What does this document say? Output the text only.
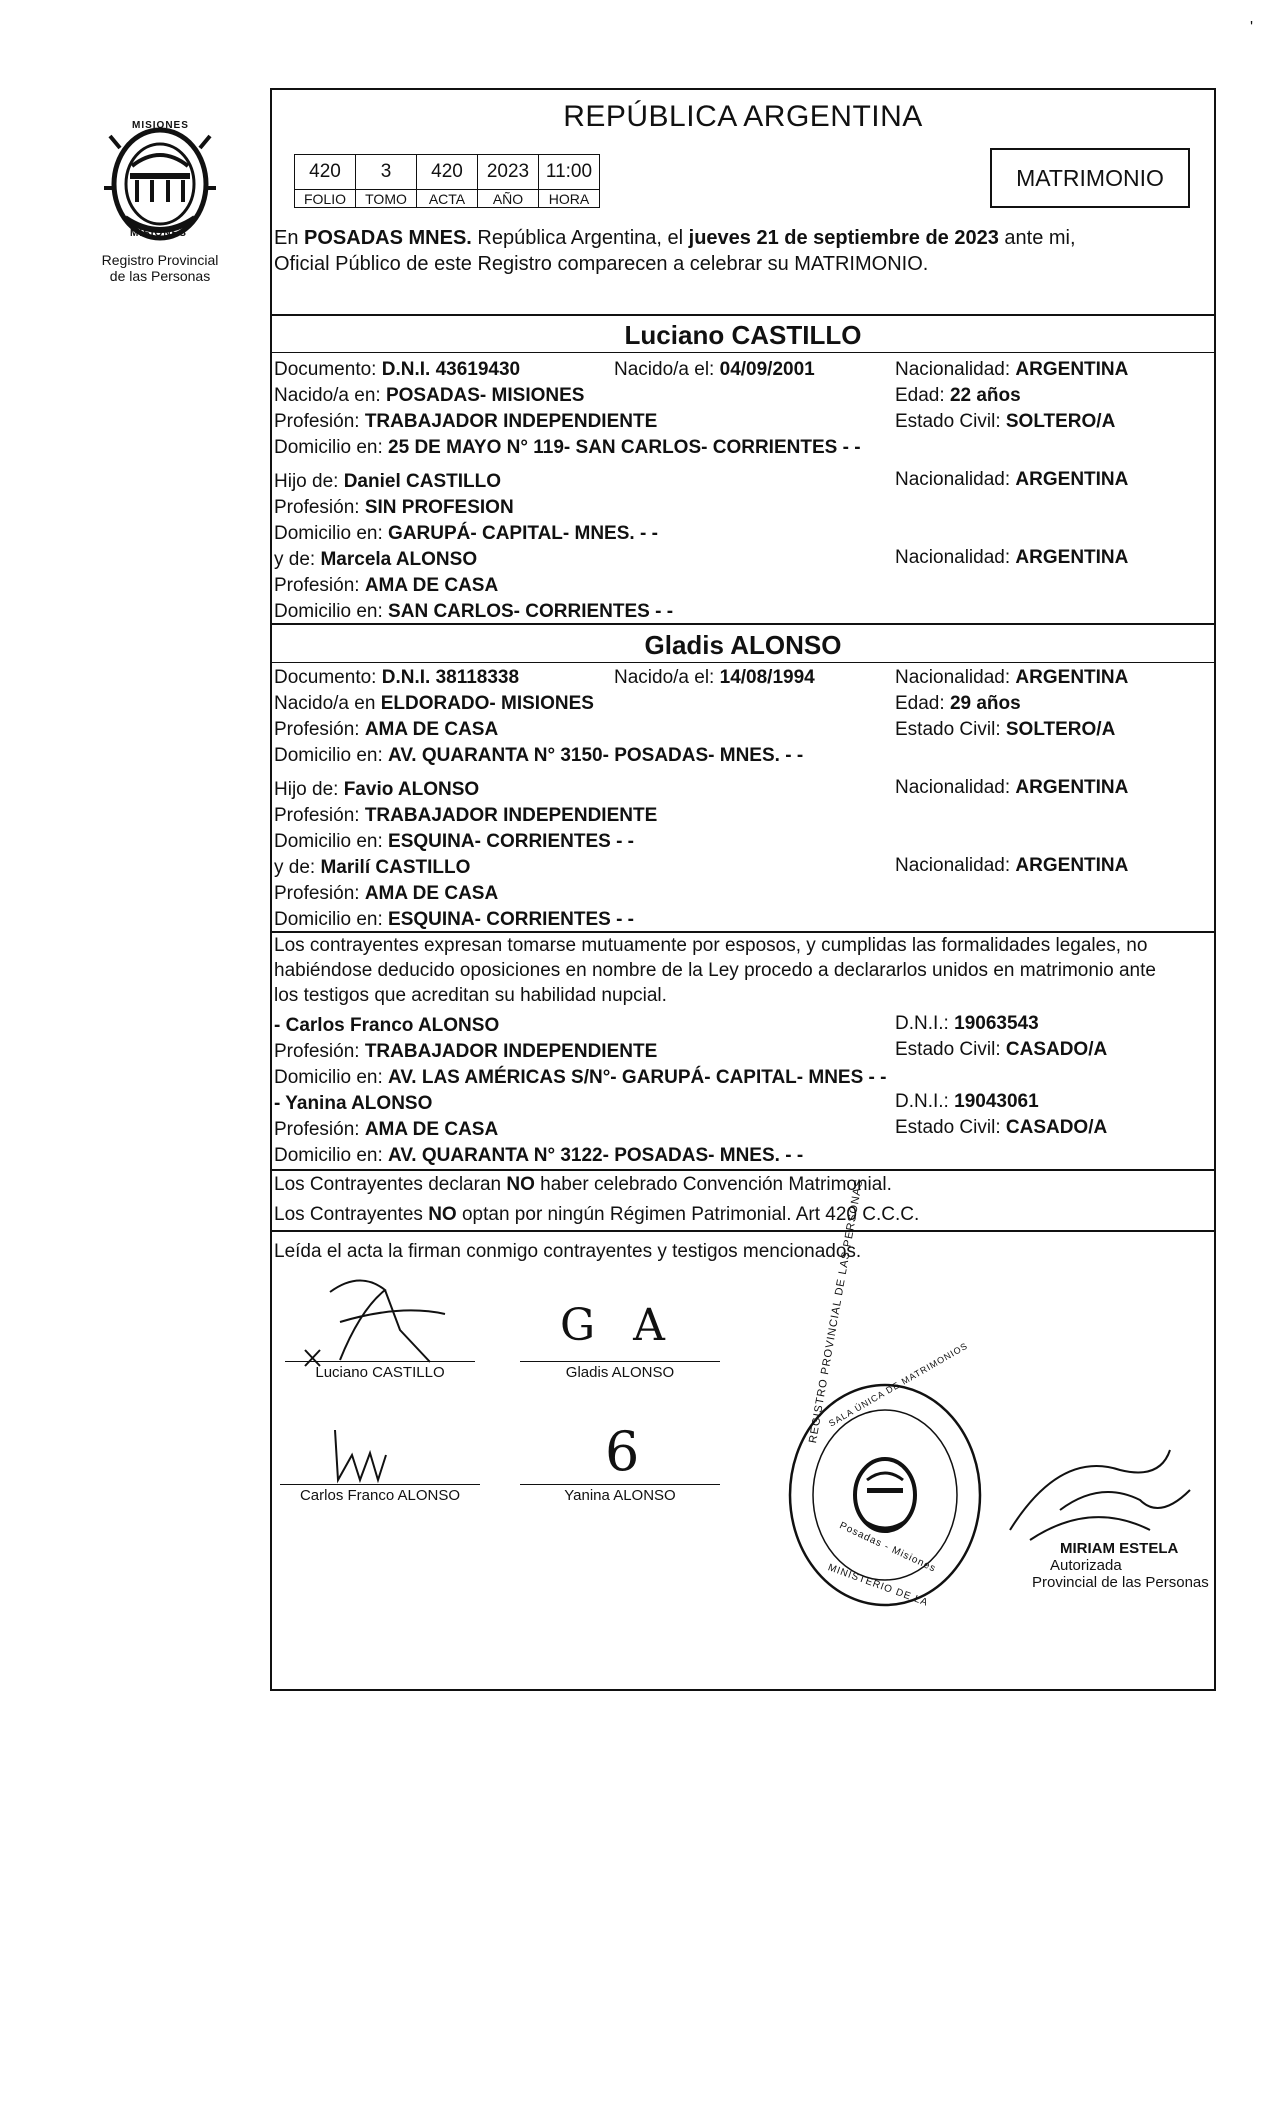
'
MISIONES
MISIONES
Registro Provincial
de las Personas
REPÚBLICA ARGENTINA
420	3	420	2023	11:00
FOLIO	TOMO	ACTA	AÑO	HORA
MATRIMONIO
En POSADAS MNES. República Argentina, el jueves 21 de septiembre de 2023 ante mi,
Oficial Público de este Registro comparecen a celebrar su MATRIMONIO.
Luciano CASTILLO
Documento: D.N.I. 43619430	Nacido/a el: 04/09/2001	Nacionalidad: ARGENTINA
Nacido/a en: POSADAS- MISIONES	Edad: 22 años
Profesión: TRABAJADOR INDEPENDIENTE	Estado Civil: SOLTERO/A
Domicilio en: 25 DE MAYO N° 119- SAN CARLOS- CORRIENTES - -
Hijo de: Daniel CASTILLO	Nacionalidad: ARGENTINA
Profesión: SIN PROFESION
Domicilio en: GARUPÁ- CAPITAL- MNES. - -
y de: Marcela ALONSO	Nacionalidad: ARGENTINA
Profesión: AMA DE CASA
Domicilio en: SAN CARLOS- CORRIENTES - -
Gladis ALONSO
Documento: D.N.I. 38118338	Nacido/a el: 14/08/1994	Nacionalidad: ARGENTINA
Nacido/a en ELDORADO- MISIONES	Edad: 29 años
Profesión: AMA DE CASA	Estado Civil: SOLTERO/A
Domicilio en: AV. QUARANTA N° 3150- POSADAS- MNES. - -
Hijo de: Favio ALONSO	Nacionalidad: ARGENTINA
Profesión: TRABAJADOR INDEPENDIENTE
Domicilio en: ESQUINA- CORRIENTES - -
y de: Marilí CASTILLO	Nacionalidad: ARGENTINA
Profesión: AMA DE CASA
Domicilio en: ESQUINA- CORRIENTES - -
Los contrayentes expresan tomarse mutuamente por esposos, y cumplidas las formalidades legales, no
habiéndose deducido oposiciones en nombre de la Ley procedo a declararlos unidos en matrimonio ante
los testigos que acreditan su habilidad nupcial.
- Carlos Franco ALONSO	D.N.I.: 19063543
Profesión: TRABAJADOR INDEPENDIENTE	Estado Civil: CASADO/A
Domicilio en: AV. LAS AMÉRICAS S/N°- GARUPÁ- CAPITAL- MNES - -
- Yanina ALONSO	D.N.I.: 19043061
Profesión: AMA DE CASA	Estado Civil: CASADO/A
Domicilio en: AV. QUARANTA N° 3122- POSADAS- MNES. - -
Los Contrayentes declaran NO haber celebrado Convención Matrimonial.
Los Contrayentes NO optan por ningún Régimen Patrimonial. Art 420 C.C.C.
Leída el acta la firman conmigo contrayentes y testigos mencionados.
Luciano CASTILLO
G A
Gladis ALONSO
Carlos Franco ALONSO
6
Yanina ALONSO
REGISTRO PROVINCIAL DE LAS PERSONAS
SALA ÚNICA DE MATRIMONIOS
Posadas - Misiones
MINISTERIO DE LA
MIRIAM ESTELA
Autorizada
Provincial de las Personas
